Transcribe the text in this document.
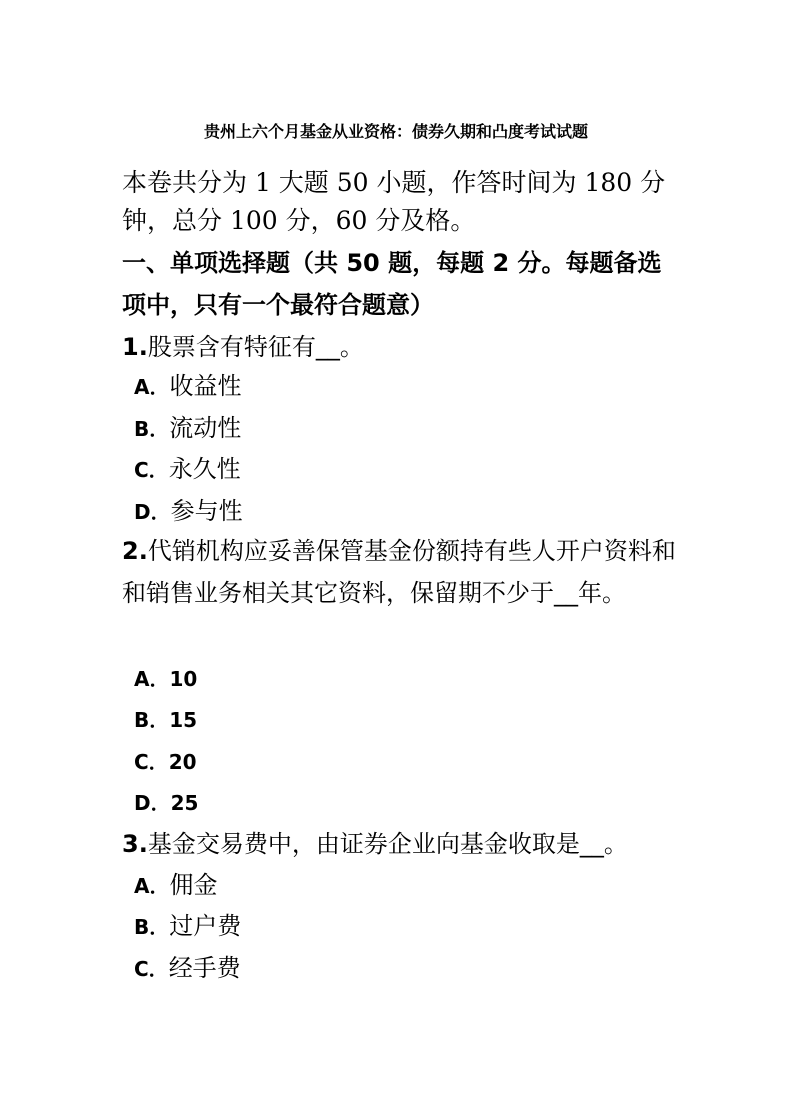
贵州上六个月基金从业资格：债券久期和凸度考试试题
本卷共分为 1 大题 50 小题，作答时间为 180 分钟，总分 100 分，60 分及格。
一、单项选择题（共 50 题，每题 2 分。每题备选项中，只有一个最符合题意）
1.股票含有特征有__。
A．收益性
B．流动性
C．永久性
D．参与性
2.代销机构应妥善保管基金份额持有些人开户资料和和销售业务相关其它资料，保留期不少于__年。
A．10
B．15
C．20
D．25
3.基金交易费中，由证券企业向基金收取是__。
A．佣金
B．过户费
C．经手费
